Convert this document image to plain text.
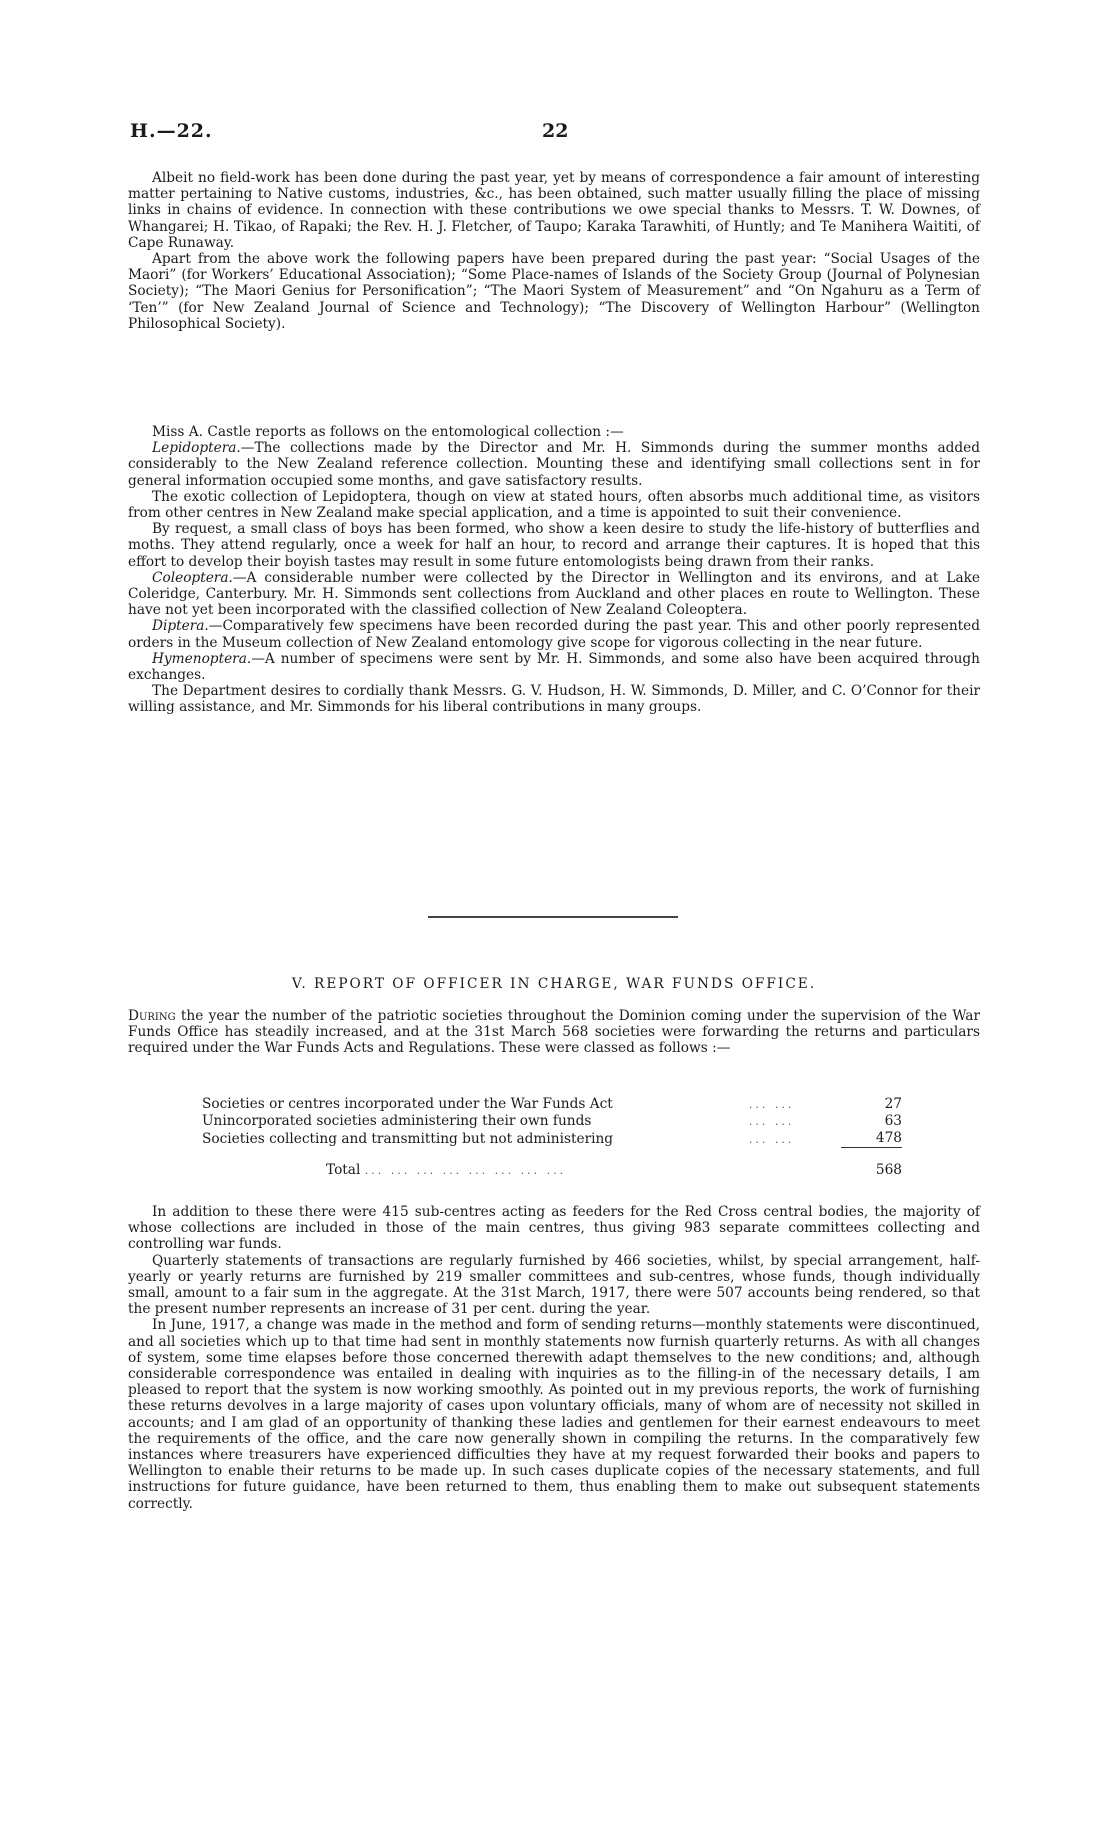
H.—22.	22

Albeit no field-work has been done during the past year, yet by means of correspondence a fair amount of interesting matter pertaining to Native customs, industries, &c., has been obtained, such matter usually filling the place of missing links in chains of evidence. In connection with these contributions we owe special thanks to Messrs. T. W. Downes, of Whangarei; H. Tikao, of Rapaki; the Rev. H. J. Fletcher, of Taupo; Karaka Tarawhiti, of Huntly; and Te Manihera Waititi, of Cape Runaway.

Apart from the above work the following papers have been prepared during the past year: “Social Usages of the Maori” (for Workers’ Educational Association); “Some Place-names of Islands of the Society Group (Journal of Polynesian Society); “The Maori Genius for Personification”; “The Maori System of Measurement” and “On Ngahuru as a Term of ‘Ten’” (for New Zealand Journal of Science and Technology); “The Discovery of Wellington Harbour” (Wellington Philosophical Society).

Miss A. Castle reports as follows on the entomological collection :—

Lepidoptera.—The collections made by the Director and Mr. H. Simmonds during the summer months added considerably to the New Zealand reference collection. Mounting these and identifying small collections sent in for general information occupied some months, and gave satisfactory results.

The exotic collection of Lepidoptera, though on view at stated hours, often absorbs much additional time, as visitors from other centres in New Zealand make special application, and a time is appointed to suit their convenience.

By request, a small class of boys has been formed, who show a keen desire to study the life-history of butterflies and moths. They attend regularly, once a week for half an hour, to record and arrange their captures. It is hoped that this effort to develop their boyish tastes may result in some future entomologists being drawn from their ranks.

Coleoptera.—A considerable number were collected by the Director in Wellington and its environs, and at Lake Coleridge, Canterbury. Mr. H. Simmonds sent collections from Auckland and other places en route to Wellington. These have not yet been incorporated with the classified collection of New Zealand Coleoptera.

Diptera.—Comparatively few specimens have been recorded during the past year. This and other poorly represented orders in the Museum collection of New Zealand entomology give scope for vigorous collecting in the near future.

Hymenoptera.—A number of specimens were sent by Mr. H. Simmonds, and some also have been acquired through exchanges.

The Department desires to cordially thank Messrs. G. V. Hudson, H. W. Simmonds, D. Miller, and C. O’Connor for their willing assistance, and Mr. Simmonds for his liberal contributions in many groups.

V. REPORT OF OFFICER IN CHARGE, WAR FUNDS OFFICE.

During the year the number of the patriotic societies throughout the Dominion coming under the supervision of the War Funds Office has steadily increased, and at the 31st March 568 societies were forwarding the returns and particulars required under the War Funds Acts and Regulations. These were classed as follows :—

Societies or centres incorporated under the War Funds Act	... ...	27
Unincorporated societies administering their own funds	... ...	63
Societies collecting and transmitting but not administering	... ...	478
Total ... ... ... ... ... ... ... ...		568

In addition to these there were 415 sub-centres acting as feeders for the Red Cross central bodies, the majority of whose collections are included in those of the main centres, thus giving 983 separate committees collecting and controlling war funds.

Quarterly statements of transactions are regularly furnished by 466 societies, whilst, by special arrangement, half-yearly or yearly returns are furnished by 219 smaller committees and sub-centres, whose funds, though individually small, amount to a fair sum in the aggregate. At the 31st March, 1917, there were 507 accounts being rendered, so that the present number represents an increase of 31 per cent. during the year.

In June, 1917, a change was made in the method and form of sending returns—monthly statements were discontinued, and all societies which up to that time had sent in monthly statements now furnish quarterly returns. As with all changes of system, some time elapses before those concerned therewith adapt themselves to the new conditions; and, although considerable correspondence was entailed in dealing with inquiries as to the filling-in of the necessary details, I am pleased to report that the system is now working smoothly. As pointed out in my previous reports, the work of furnishing these returns devolves in a large majority of cases upon voluntary officials, many of whom are of necessity not skilled in accounts; and I am glad of an opportunity of thanking these ladies and gentlemen for their earnest endeavours to meet the requirements of the office, and the care now generally shown in compiling the returns. In the comparatively few instances where treasurers have experienced difficulties they have at my request forwarded their books and papers to Wellington to enable their returns to be made up. In such cases duplicate copies of the necessary statements, and full instructions for future guidance, have been returned to them, thus enabling them to make out subsequent statements correctly.
